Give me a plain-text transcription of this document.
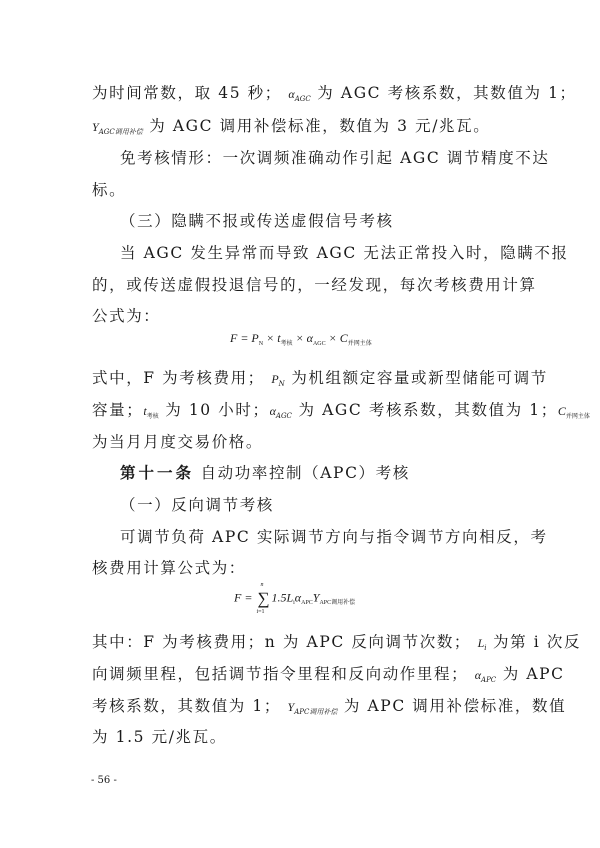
为时间常数，取 45 秒； αAGC 为 AGC 考核系数，其数值为 1；
YAGC调用补偿 为 AGC 调用补偿标准，数值为 3 元/兆瓦。
免考核情形：一次调频准确动作引起 AGC 调节精度不达
标。
（三）隐瞒不报或传送虚假信号考核
当 AGC 发生异常而导致 AGC 无法正常投入时，隐瞒不报
的，或传送虚假投退信号的，一经发现，每次考核费用计算
公式为：
$F = P_N \times t_{考核} \times \alpha_{AGC} \times C_{并网主体}$
式中，F 为考核费用； PN 为机组额定容量或新型储能可调节
容量；t考核 为 10 小时；αAGC 为 AGC 考核系数，其数值为 1；C并网主体
为当月月度交易价格。
第十一条 自动功率控制（APC）考核
（一）反向调节考核
可调节负荷 APC 实际调节方向与指令调节方向相反，考
核费用计算公式为：
F =
n
∑
i=1
$1.5L_i\alpha_{APC}Y_{APC调用补偿}$
其中：F 为考核费用；n 为 APC 反向调节次数； Li 为第 i 次反
向调频里程，包括调节指令里程和反向动作里程； αAPC 为 APC
考核系数，其数值为 1； YAPC调用补偿 为 APC 调用补偿标准，数值
为 1.5 元/兆瓦。
- 56 -
